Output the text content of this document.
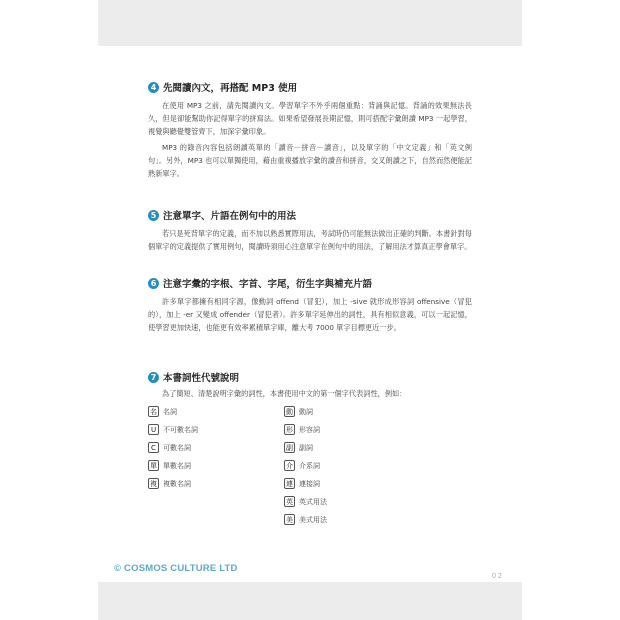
4 先閱讀內文，再搭配 MP3 使用

在使用 MP3 之前，請先閱讀內文。學習單字不外乎兩個重點：背誦與記憶。背誦的效果無法長久，但是卻能幫助你記得單字的拼寫法。如果希望發展長期記憶，則可搭配字彙朗讀 MP3 一起學習，視覺與聽覺雙管齊下，加深字彙印象。

MP3 的錄音內容包括朗讀英單的「讀音－拼音－讀音」，以及單字的「中文定義」和「英文例句」。另外，MP3 也可以單獨使用，藉由重複播放字彙的讀音和拼音，交叉朗讀之下，自然而然便能記熟新單字。

5 注意單字、片語在例句中的用法

若只是死背單字的定義，而不加以熟悉實際用法，考試時仍可能無法做出正確的判斷。本書針對每個單字的定義提供了實用例句，閱讀時須用心注意單字在例句中的用法，了解用法才算真正學會單字。

6 注意字彙的字根、字首、字尾，衍生字與補充片語

許多單字都擁有相同字源，像動詞 offend（冒犯），加上 -sive 就形成形容詞 offensive（冒犯的），加上 -er 又變成 offender（冒犯者）。許多單字延伸出的詞性，具有相似意義，可以一起記憶，使學習更加快速，也能更有效率累積單字庫，離大考 7000 單字目標更近一步。

7 本書詞性代號說明

為了簡短、清楚說明字彙的詞性，本書使用中文的第一個字代表詞性，例如：

名 名詞
U 不可數名詞
C	可數名詞
單 單數名詞
複 複數名詞
動 動詞
形 形容詞
副 副詞
介 介系詞
連 連接詞
英 英式用法
美 美式用法
© COSMOS CULTURE LTD
0 2
